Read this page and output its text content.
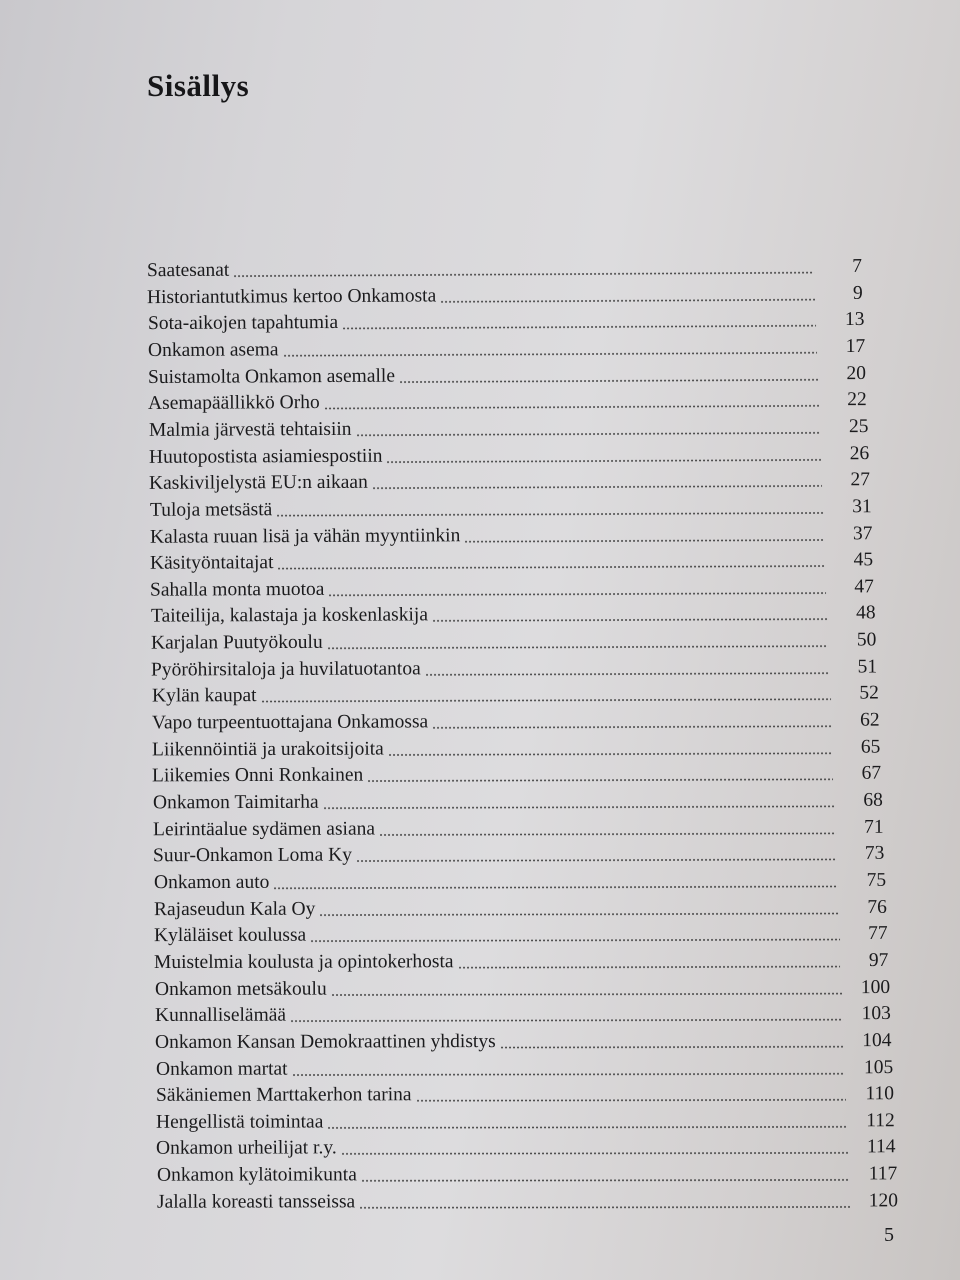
Sisällys
Saatesanat	7
Historiantutkimus kertoo Onkamosta	9
Sota-aikojen tapahtumia	13
Onkamon asema	17
Suistamolta Onkamon asemalle	20
Asemapäällikkö Orho	22
Malmia järvestä tehtaisiin	25
Huutopostista asiamiespostiin	26
Kaskiviljelystä EU:n aikaan	27
Tuloja metsästä	31
Kalasta ruuan lisä ja vähän myyntiinkin	37
Käsityöntaitajat	45
Sahalla monta muotoa	47
Taiteilija, kalastaja ja koskenlaskija	48
Karjalan Puutyökoulu	50
Pyöröhirsitaloja ja huvilatuotantoa	51
Kylän kaupat	52
Vapo turpeentuottajana Onkamossa	62
Liikennöintiä ja urakoitsijoita	65
Liikemies Onni Ronkainen	67
Onkamon Taimitarha	68
Leirintäalue sydämen asiana	71
Suur-Onkamon Loma Ky	73
Onkamon auto	75
Rajaseudun Kala Oy	76
Kyläläiset koulussa	77
Muistelmia koulusta ja opintokerhosta	97
Onkamon metsäkoulu	100
Kunnalliselämää	103
Onkamon Kansan Demokraattinen yhdistys	104
Onkamon martat	105
Säkäniemen Marttakerhon tarina	110
Hengellistä toimintaa	112
Onkamon urheilijat r.y.	114
Onkamon kylätoimikunta	117
Jalalla koreasti tansseissa	120
5
